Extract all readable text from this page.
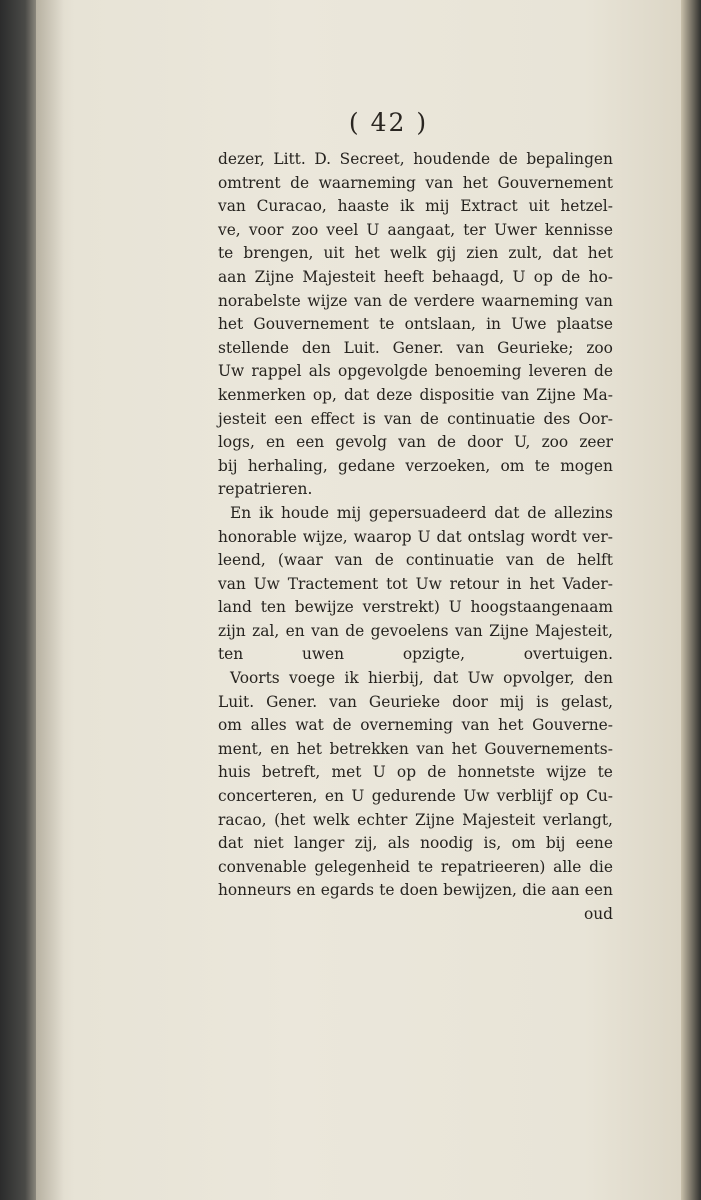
( 42 )
dezer, Litt. D. Secreet, houdende de bepalingen
omtrent de waarneming van het Gouvernement
van Curacao, haaste ik mij Extract uit hetzel-
ve, voor zoo veel U aangaat, ter Uwer kennisse
te brengen, uit het welk gij zien zult, dat het
aan Zijne Majesteit heeft behaagd, U op de ho-
norabelste wijze van de verdere waarneming van
het Gouvernement te ontslaan, in Uwe plaatse
stellende den Luit. Gener. van Geurieke; zoo
Uw rappel als opgevolgde benoeming leveren de
kenmerken op, dat deze dispositie van Zijne Ma-
jesteit een effect is van de continuatie des Oor-
logs, en een gevolg van de door U, zoo zeer
bij herhaling, gedane verzoeken, om te mogen
repatrieren.
En ik houde mij gepersuadeerd dat de allezins
honorable wijze, waarop U dat ontslag wordt ver-
leend, (waar van de continuatie van de helft
van Uw Tractement tot Uw retour in het Vader-
land ten bewijze verstrekt) U hoogstaangenaam
zijn zal, en van de gevoelens van Zijne Majesteit,
ten	uwen	opzigte,	overtuigen.
Voorts voege ik hierbij, dat Uw opvolger, den
Luit. Gener. van Geurieke door mij is gelast,
om alles wat de overneming van het Gouverne-
ment, en het betrekken van het Gouvernements-
huis betreft, met U op de honnetste wijze te
concerteren, en U gedurende Uw verblijf op Cu-
racao, (het welk echter Zijne Majesteit verlangt,
dat niet langer zij, als noodig is, om bij eene
convenable gelegenheid te repatrieeren) alle die
honneurs en egards te doen bewijzen, die aan een
oud
